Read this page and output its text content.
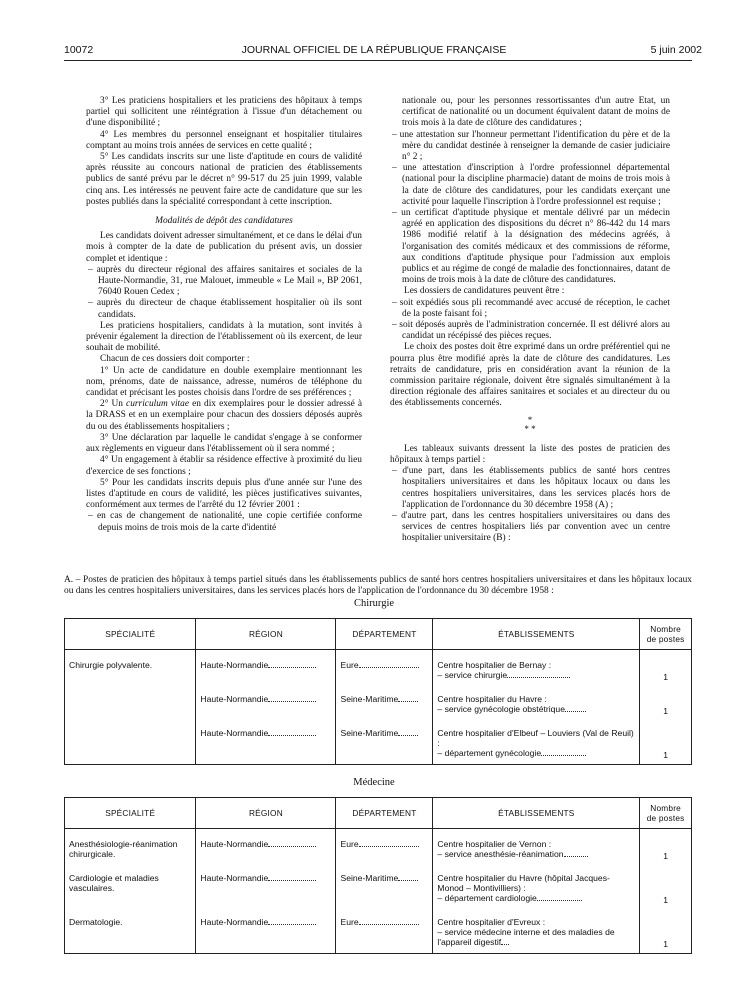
10072	JOURNAL OFFICIEL DE LA RÉPUBLIQUE FRANÇAISE	5 juin 2002

3° Les praticiens hospitaliers et les praticiens des hôpitaux à temps partiel qui sollicitent une réintégration à l'issue d'un détachement ou d'une disponibilité ;

4° Les membres du personnel enseignant et hospitalier titulaires comptant au moins trois années de services en cette qualité ;

5° Les candidats inscrits sur une liste d'aptitude en cours de validité après réussite au concours national de praticien des établissements publics de santé prévu par le décret n° 99-517 du 25 juin 1999, valable cinq ans. Les intéressés ne peuvent faire acte de candidature que sur les postes publiés dans la spécialité correspondant à cette inscription.

Modalités de dépôt des candidatures

Les candidats doivent adresser simultanément, et ce dans le délai d'un mois à compter de la date de publication du présent avis, un dossier complet et identique :

– auprès du directeur régional des affaires sanitaires et sociales de la Haute-Normandie, 31, rue Malouet, immeuble « Le Mail », BP 2061, 76040 Rouen Cedex ;

– auprès du directeur de chaque établissement hospitalier où ils sont candidats.

Les praticiens hospitaliers, candidats à la mutation, sont invités à prévenir également la direction de l'établissement où ils exercent, de leur souhait de mobilité.

Chacun de ces dossiers doit comporter :

1° Un acte de candidature en double exemplaire mentionnant les nom, prénoms, date de naissance, adresse, numéros de téléphone du candidat et précisant les postes choisis dans l'ordre de ses préférences ;

2° Un curriculum vitae en dix exemplaires pour le dossier adressé à la DRASS et en un exemplaire pour chacun des dossiers déposés auprès du ou des établissements hospitaliers ;

3° Une déclaration par laquelle le candidat s'engage à se conformer aux règlements en vigueur dans l'établissement où il sera nommé ;

4° Un engagement à établir sa résidence effective à proximité du lieu d'exercice de ses fonctions ;

5° Pour les candidats inscrits depuis plus d'une année sur l'une des listes d'aptitude en cours de validité, les pièces justificatives suivantes, conformément aux termes de l'arrêté du 12 février 2001 :

– en cas de changement de nationalité, une copie certifiée conforme depuis moins de trois mois de la carte d'identité

nationale ou, pour les personnes ressortissantes d'un autre Etat, un certificat de nationalité ou un document équivalent datant de moins de trois mois à la date de clôture des candidatures ;

– une attestation sur l'honneur permettant l'identification du père et de la mère du candidat destinée à renseigner la demande de casier judiciaire n° 2 ;

– une attestation d'inscription à l'ordre professionnel départemental (national pour la discipline pharmacie) datant de moins de trois mois à la date de clôture des candidatures, pour les candidats exerçant une activité pour laquelle l'inscription à l'ordre professionnel est requise ;

– un certificat d'aptitude physique et mentale délivré par un médecin agréé en application des dispositions du décret n° 86-442 du 14 mars 1986 modifié relatif à la désignation des médecins agréés, à l'organisation des comités médicaux et des commissions de réforme, aux conditions d'aptitude physique pour l'admission aux emplois publics et au régime de congé de maladie des fonctionnaires, datant de moins de trois mois à la date de clôture des candidatures.

Les dossiers de candidatures peuvent être :

– soit expédiés sous pli recommandé avec accusé de réception, le cachet de la poste faisant foi ;

– soit déposés auprès de l'administration concernée. Il est délivré alors au candidat un récépissé des pièces reçues.

Le choix des postes doit être exprimé dans un ordre préférentiel qui ne pourra plus être modifié après la date de clôture des candidatures. Les retraits de candidature, pris en considération avant la réunion de la commission paritaire régionale, doivent être signalés simultanément à la direction régionale des affaires sanitaires et sociales et au directeur du ou des établissements concernés.

*
* *

Les tableaux suivants dressent la liste des postes de praticien des hôpitaux à temps partiel :

– d'une part, dans les établissements publics de santé hors centres hospitaliers universitaires et dans les hôpitaux locaux ou dans les centres hospitaliers universitaires, dans les services placés hors de l'application de l'ordonnance du 30 décembre 1958 (A) ;

– d'autre part, dans les centres hospitaliers universitaires ou dans des services de centres hospitaliers liés par convention avec un centre hospitalier universitaire (B) :

A. – Postes de praticien des hôpitaux à temps partiel situés dans les établissements publics de santé hors centres hospitaliers universitaires et dans les hôpitaux locaux ou dans les centres hospitaliers universitaires, dans les services placés hors de l'application de l'ordonnance du 30 décembre 1958 :

Chirurgie
SPÉCIALITÉ	RÉGION	DÉPARTEMENT	ÉTABLISSEMENTS	Nombre de postes

Chirurgie polyvalente.	Haute-Normandie	Eure	Centre hospitalier de Bernay :
– service chirurgie	1
	Haute-Normandie	Seine-Maritime	Centre hospitalier du Havre :
– service gynécologie obstétrique	1
	Haute-Normandie	Seine-Maritime	Centre hospitalier d'Elbeuf – Louviers (Val de Reuil) :
– département gynécologie	1
Médecine
SPÉCIALITÉ	RÉGION	DÉPARTEMENT	ÉTABLISSEMENTS	Nombre de postes

Anesthésiologie-réanimation chirurgicale.	Haute-Normandie	Eure	Centre hospitalier de Vernon :
– service anesthésie-réanimation	1

Cardiologie et maladies vasculaires.	Haute-Normandie	Seine-Maritime	Centre hospitalier du Havre (hôpital Jacques-Monod – Montivilliers) :
– département cardiologie	1

Dermatologie.	Haute-Normandie	Eure	Centre hospitalier d'Evreux :
– service médecine interne et des maladies de l'appareil digestif	1
